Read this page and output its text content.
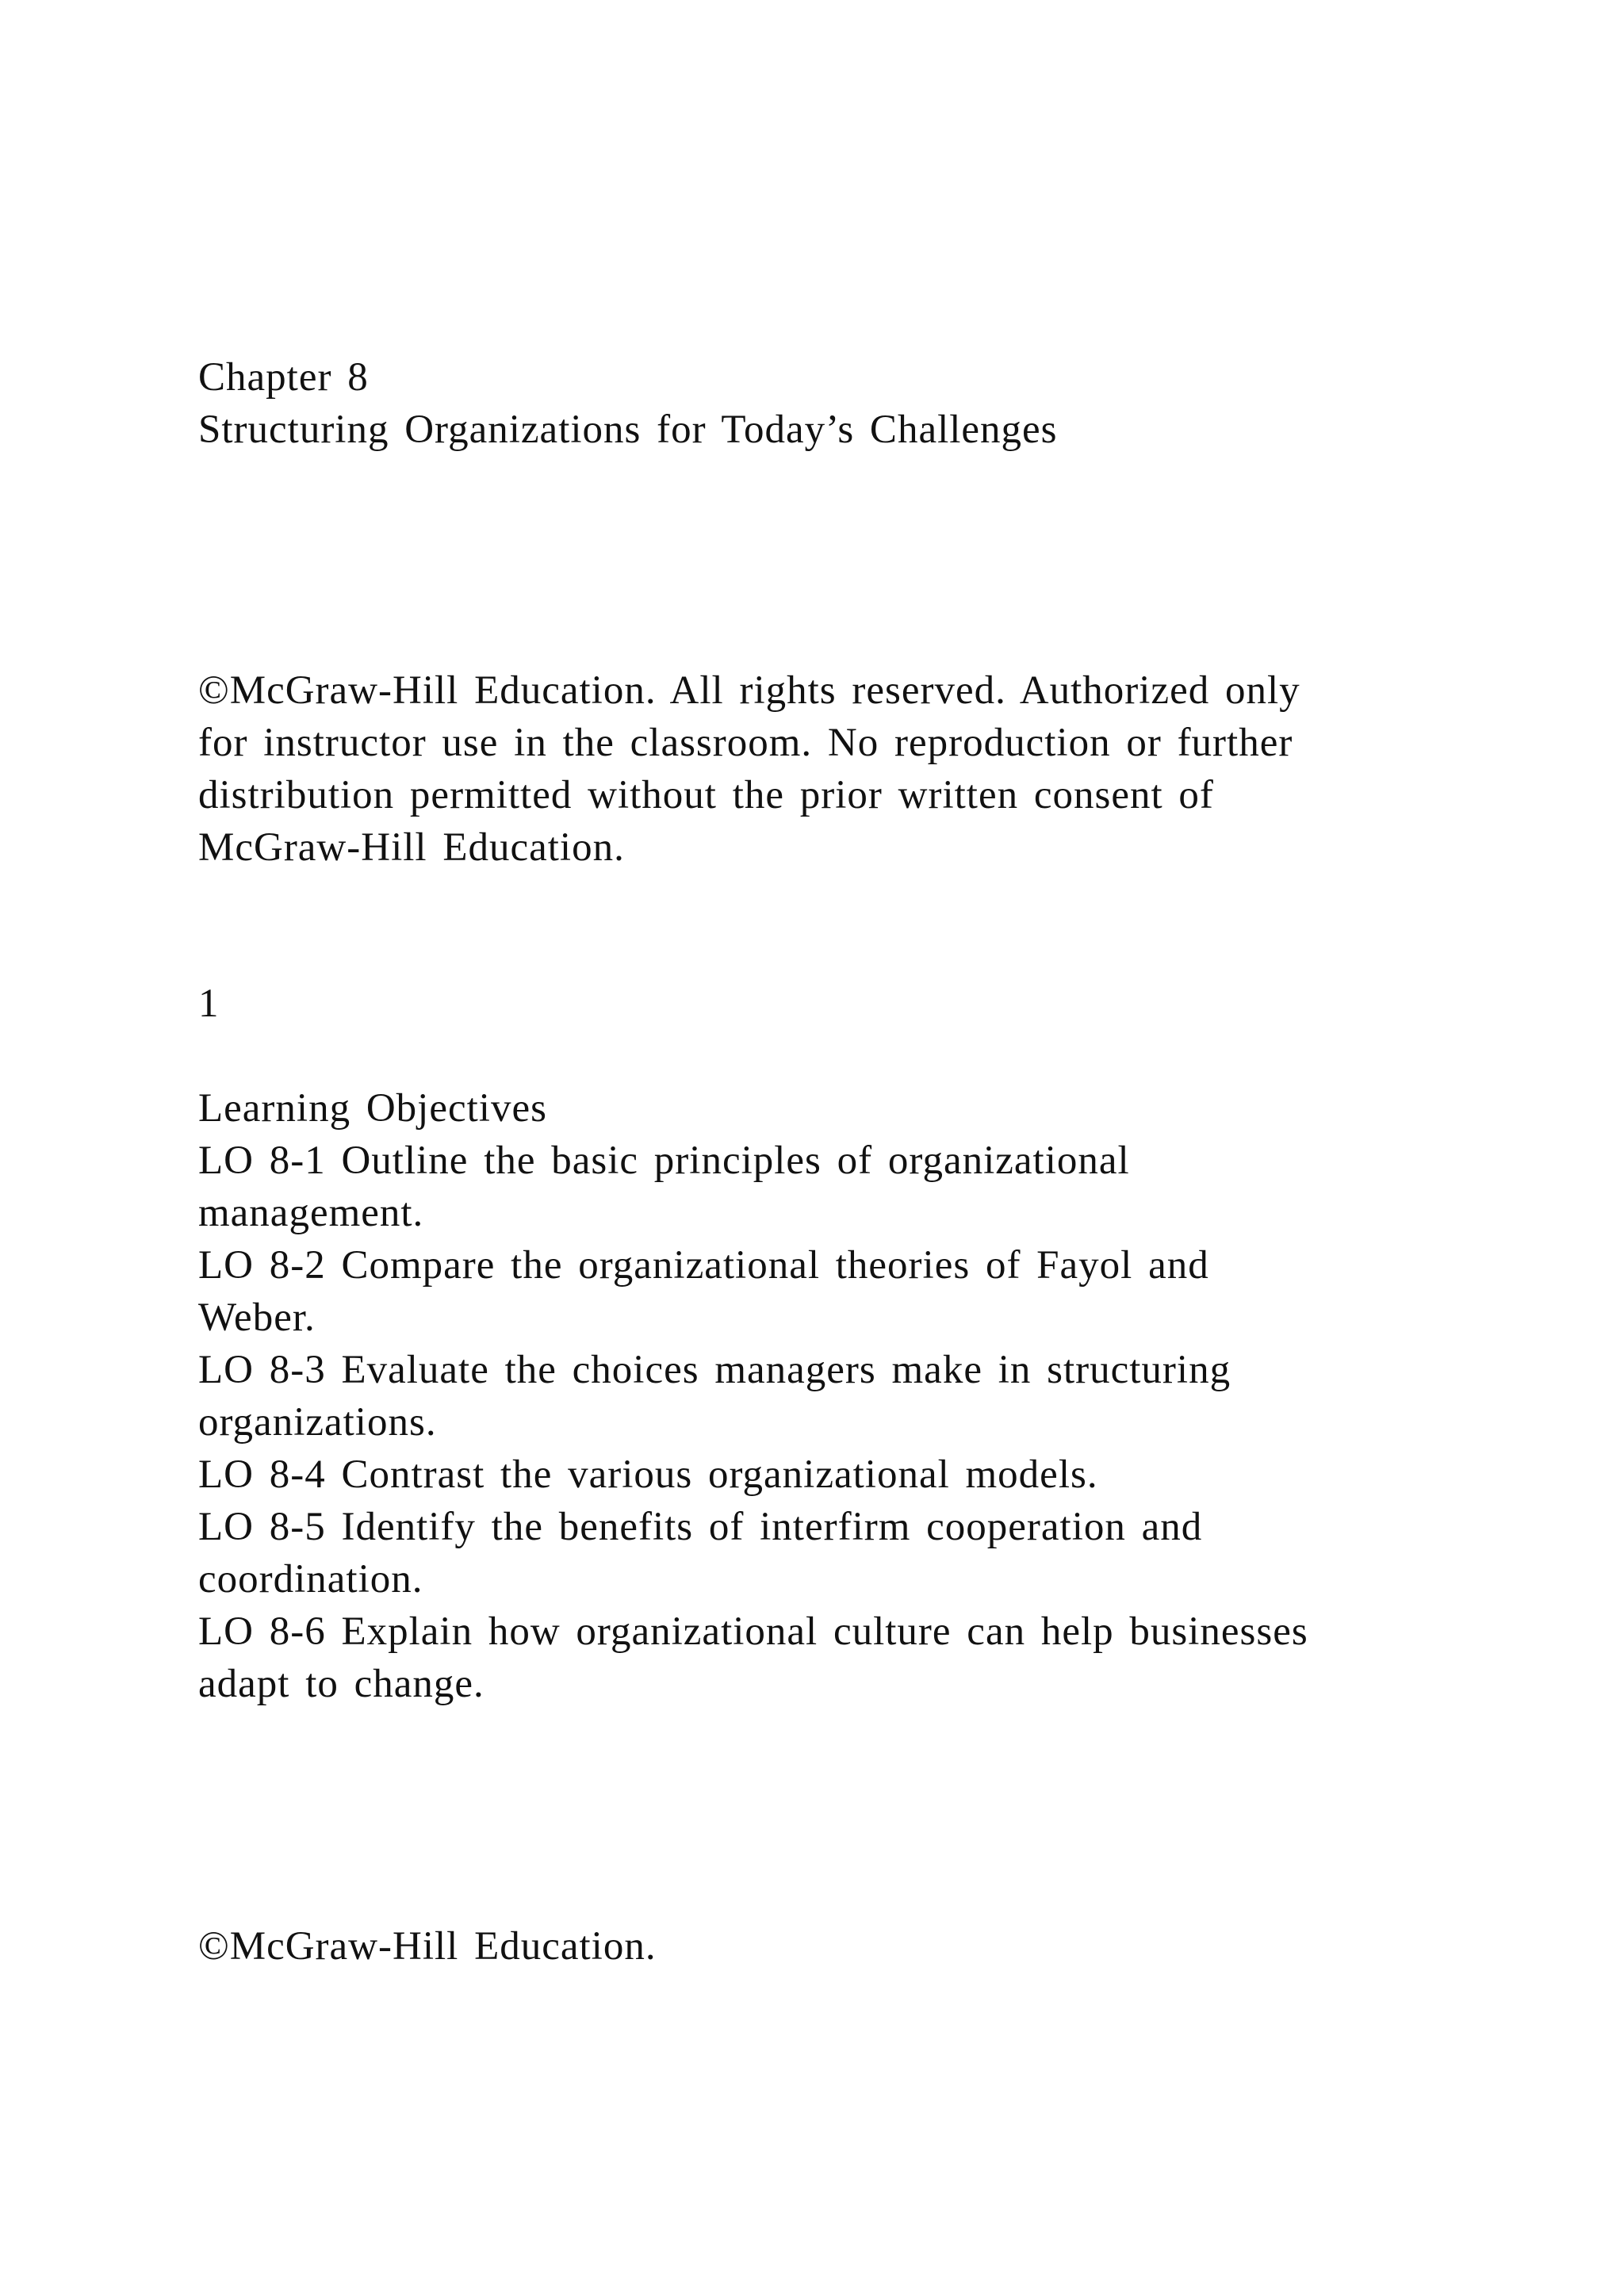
Chapter 8
Structuring Organizations for Today’s Challenges
©McGraw-Hill Education. All rights reserved. Authorized only
for instructor use in the classroom. No reproduction or further
distribution permitted without the prior written consent of
McGraw-Hill Education.
1
Learning Objectives
LO 8-1 Outline the basic principles of organizational
management.
LO 8-2 Compare the organizational theories of Fayol and
Weber.
LO 8-3 Evaluate the choices managers make in structuring
organizations.
LO 8-4 Contrast the various organizational models.
LO 8-5 Identify the benefits of interfirm cooperation and
coordination.
LO 8-6 Explain how organizational culture can help businesses
adapt to change.
©McGraw-Hill Education.
